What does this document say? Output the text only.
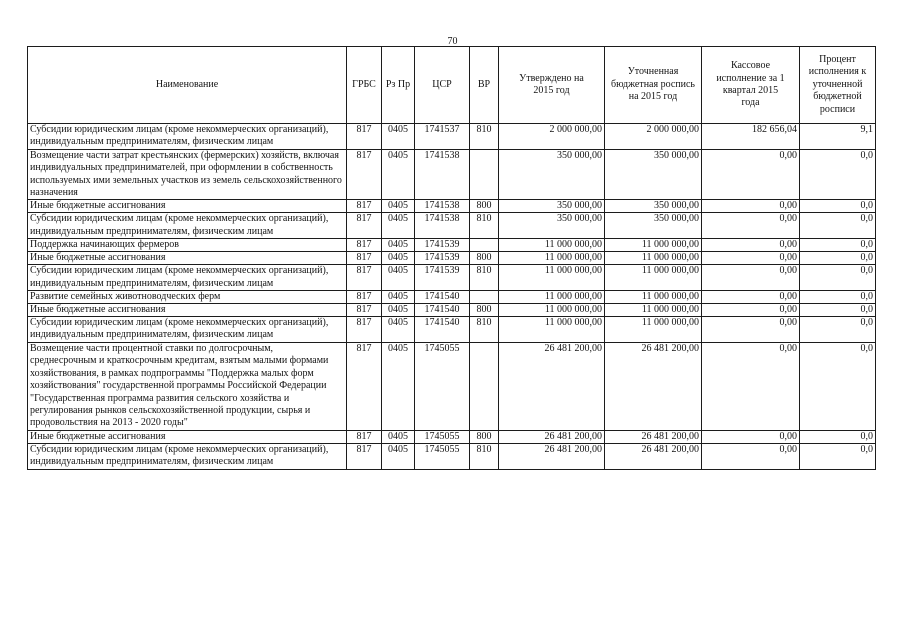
70
Наименование	ГРБС	Рз Пр	ЦСР	ВР	Утверждено на 2015 год	Уточненная бюджетная роспись на 2015 год	Кассовое исполнение за 1 квартал 2015 года	Процент исполнения к уточненной бюджетной росписи
Субсидии юридическим лицам (кроме некоммерческих организаций), индивидуальным предпринимателям, физическим лицам	817	0405	1741537	810	2 000 000,00	2 000 000,00	182 656,04	9,1
Возмещение части затрат крестьянских (фермерских) хозяйств, включая индивидуальных предпринимателей, при оформлении в собственность используемых ими земельных участков из земель сельскохозяйственного назначения	817	0405	1741538		350 000,00	350 000,00	0,00	0,0
Иные бюджетные ассигнования	817	0405	1741538	800	350 000,00	350 000,00	0,00	0,0
Субсидии юридическим лицам (кроме некоммерческих организаций), индивидуальным предпринимателям, физическим лицам	817	0405	1741538	810	350 000,00	350 000,00	0,00	0,0
Поддержка начинающих фермеров	817	0405	1741539		11 000 000,00	11 000 000,00	0,00	0,0
Иные бюджетные ассигнования	817	0405	1741539	800	11 000 000,00	11 000 000,00	0,00	0,0
Субсидии юридическим лицам (кроме некоммерческих организаций), индивидуальным предпринимателям, физическим лицам	817	0405	1741539	810	11 000 000,00	11 000 000,00	0,00	0,0
Развитие семейных животноводческих ферм	817	0405	1741540		11 000 000,00	11 000 000,00	0,00	0,0
Иные бюджетные ассигнования	817	0405	1741540	800	11 000 000,00	11 000 000,00	0,00	0,0
Субсидии юридическим лицам (кроме некоммерческих организаций), индивидуальным предпринимателям, физическим лицам	817	0405	1741540	810	11 000 000,00	11 000 000,00	0,00	0,0
Возмещение части процентной ставки по долгосрочным, среднесрочным и краткосрочным кредитам, взятым малыми формами хозяйствования, в рамках подпрограммы "Поддержка малых форм хозяйствования" государственной программы Российской Федерации "Государственная программа развития сельского хозяйства и регулирования рынков сельскохозяйственной продукции, сырья и продовольствия на 2013 - 2020 годы"	817	0405	1745055		26 481 200,00	26 481 200,00	0,00	0,0
Иные бюджетные ассигнования	817	0405	1745055	800	26 481 200,00	26 481 200,00	0,00	0,0
Субсидии юридическим лицам (кроме некоммерческих организаций), индивидуальным предпринимателям, физическим лицам	817	0405	1745055	810	26 481 200,00	26 481 200,00	0,00	0,0
